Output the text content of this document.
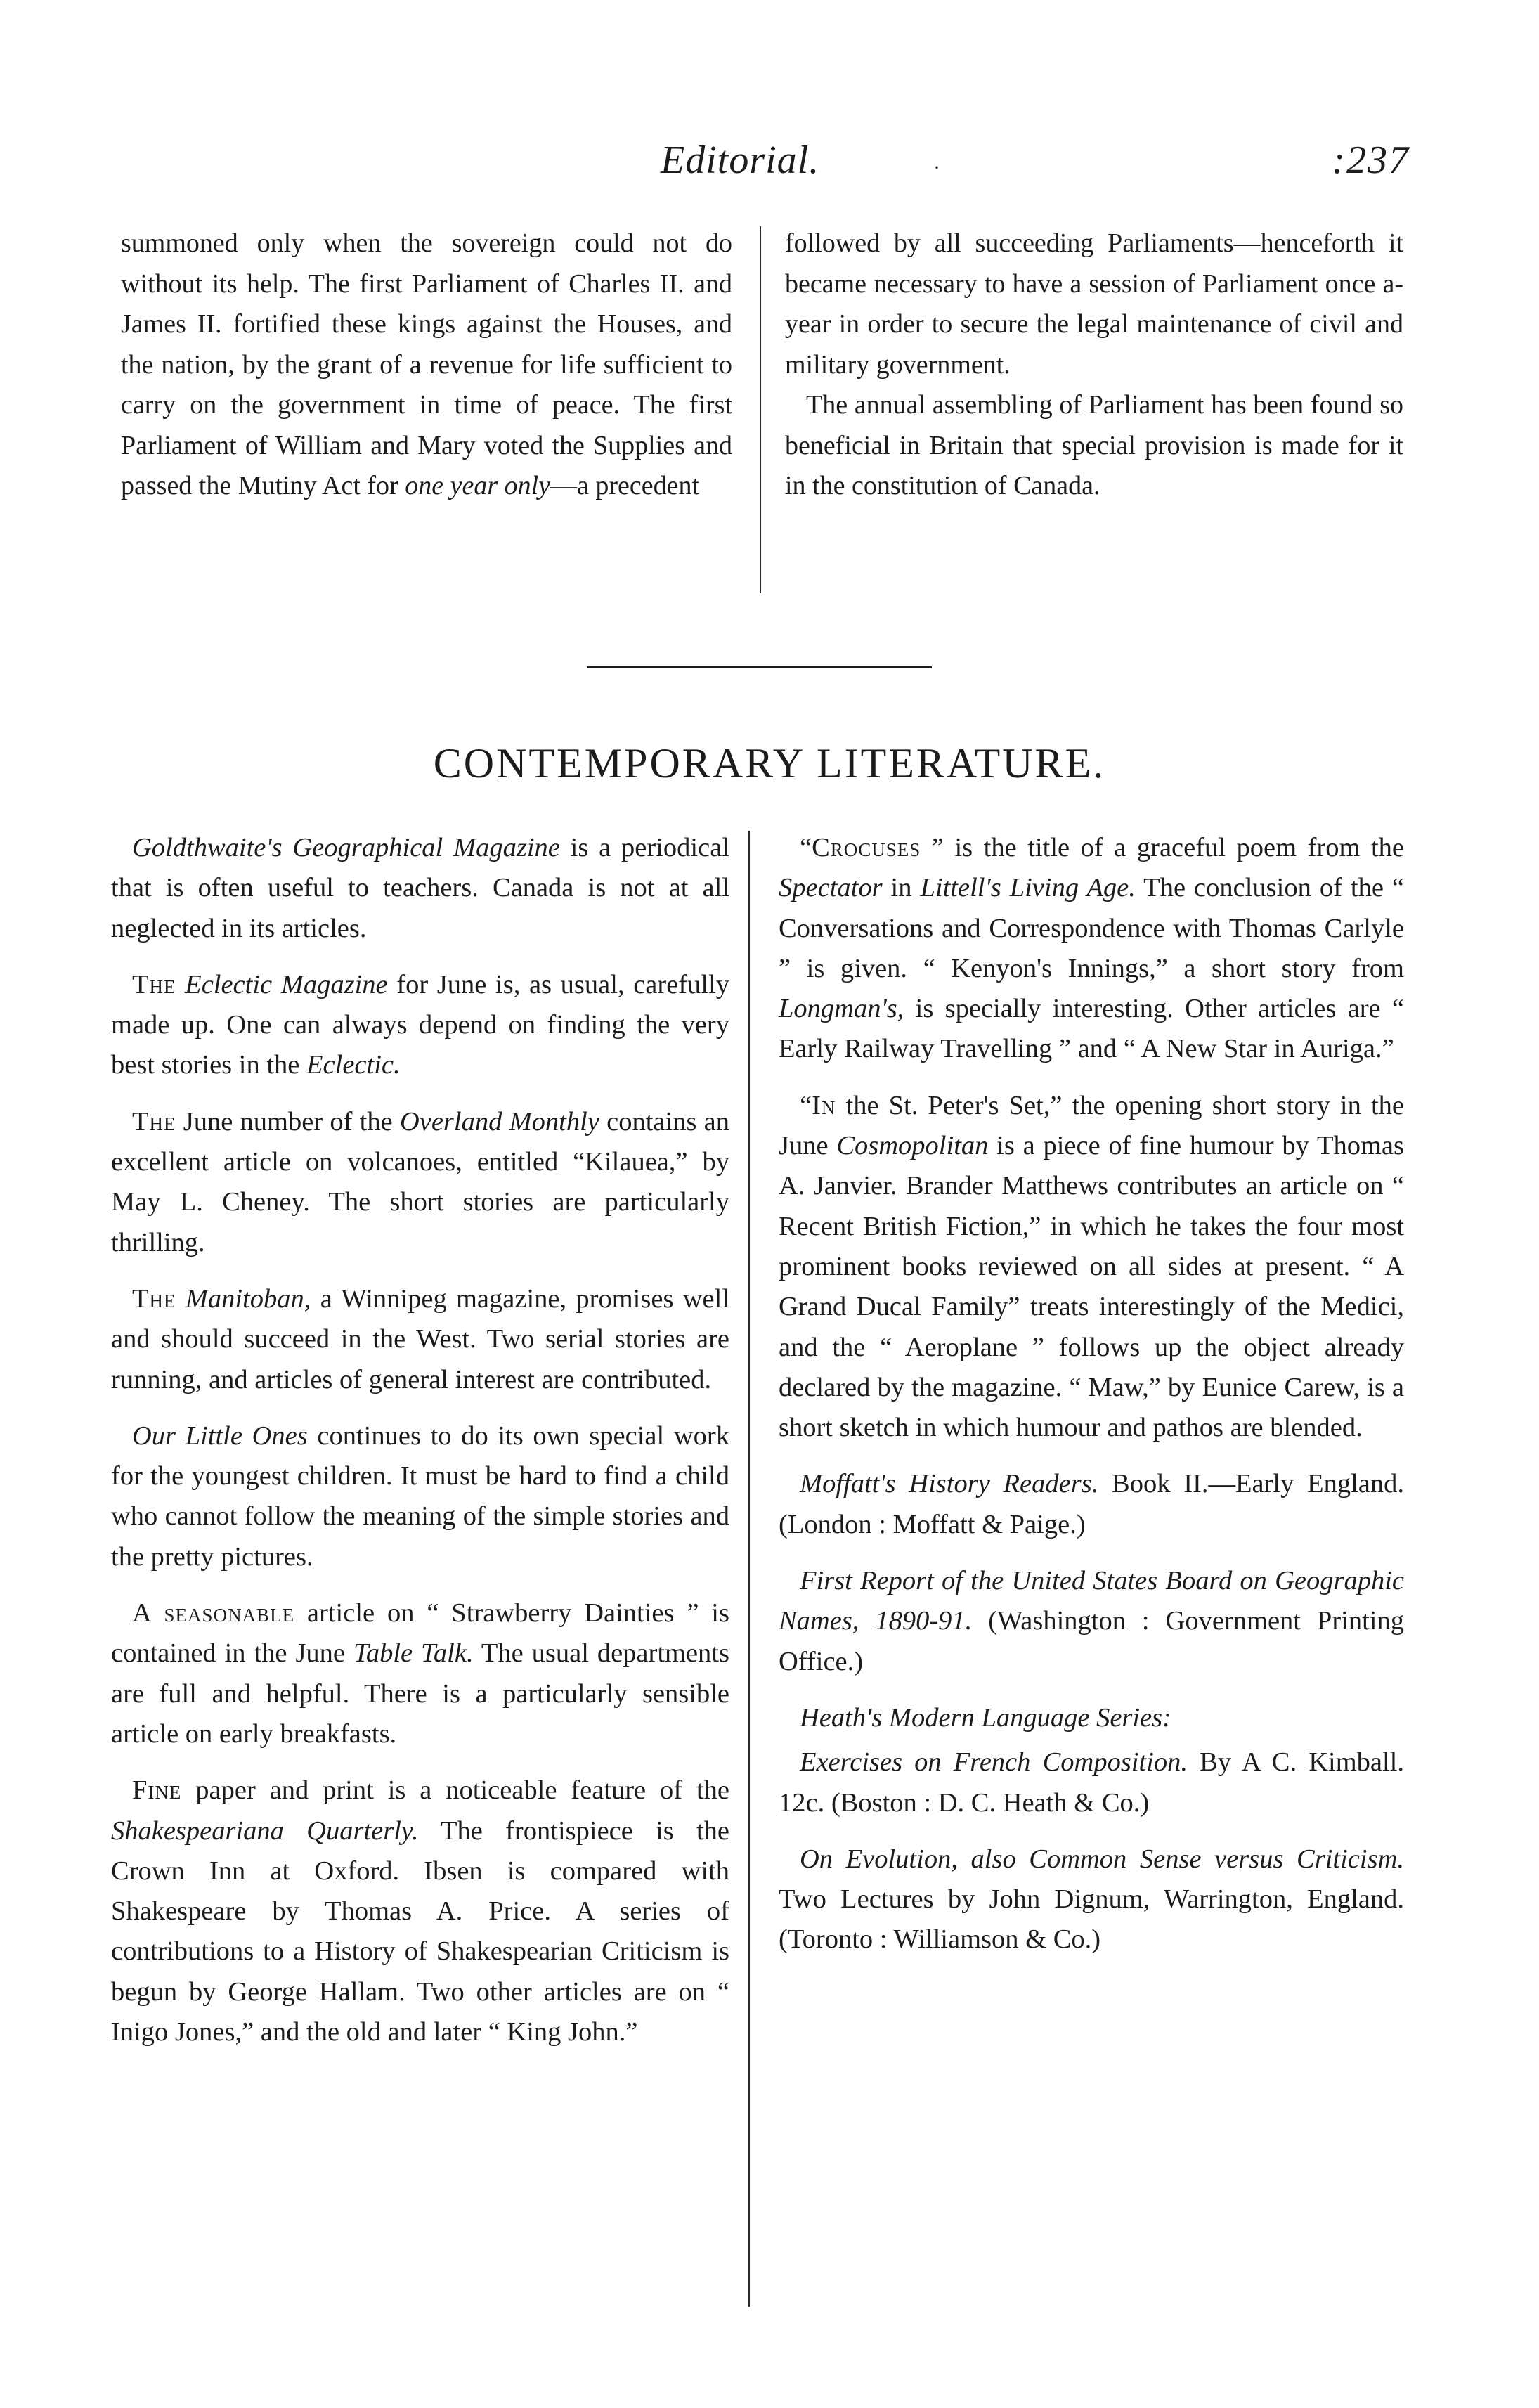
Editorial.	·	:237

summoned only when the sovereign could not do without its help. The first Parliament of Charles II. and James II. fortified these kings against the Houses, and the nation, by the grant of a revenue for life sufficient to carry on the government in time of peace. The first Parliament of William and Mary voted the Supplies and passed the Mutiny Act for one year only—a precedent

followed by all succeeding Parliaments—henceforth it became necessary to have a session of Parliament once a-year in order to secure the legal maintenance of civil and military government.

The annual assembling of Parliament has been found so beneficial in Britain that special provision is made for it in the constitution of Canada.

CONTEMPORARY LITERATURE.

Goldthwaite's Geographical Magazine is a periodical that is often useful to teachers. Canada is not at all neglected in its articles.

The Eclectic Magazine for June is, as usual, carefully made up. One can always depend on finding the very best stories in the Eclectic.

The June number of the Overland Monthly contains an excellent article on volcanoes, entitled “Kilauea,” by May L. Cheney. The short stories are particularly thrilling.

The Manitoban, a Winnipeg magazine, promises well and should succeed in the West. Two serial stories are running, and articles of general interest are contributed.

Our Little Ones continues to do its own special work for the youngest children. It must be hard to find a child who cannot follow the meaning of the simple stories and the pretty pictures.

A seasonable article on “ Strawberry Dainties ” is contained in the June Table Talk. The usual departments are full and helpful. There is a particularly sensible article on early breakfasts.

Fine paper and print is a noticeable feature of the Shakespeariana Quarterly. The frontispiece is the Crown Inn at Oxford. Ibsen is compared with Shakespeare by Thomas A. Price. A series of contributions to a History of Shakespearian Criticism is begun by George Hallam. Two other articles are on “ Inigo Jones,” and the old and later “ King John.”

“Crocuses ” is the title of a graceful poem from the Spectator in Littell's Living Age. The conclusion of the “ Conversations and Correspondence with Thomas Carlyle ” is given. “ Kenyon's Innings,” a short story from Longman's, is specially interesting. Other articles are “ Early Railway Travelling ” and “ A New Star in Auriga.”

“In the St. Peter's Set,” the opening short story in the June Cosmopolitan is a piece of fine humour by Thomas A. Janvier. Brander Matthews contributes an article on “ Recent British Fiction,” in which he takes the four most prominent books reviewed on all sides at present. “ A Grand Ducal Family” treats interestingly of the Medici, and the “ Aeroplane ” follows up the object already declared by the magazine. “ Maw,” by Eunice Carew, is a short sketch in which humour and pathos are blended.

Moffatt's History Readers. Book II.—Early England. (London : Moffatt & Paige.)

First Report of the United States Board on Geographic Names, 1890-91. (Washington : Government Printing Office.)

Heath's Modern Language Series:

Exercises on French Composition. By A C. Kimball. 12c. (Boston : D. C. Heath & Co.)

On Evolution, also Common Sense versus Criticism. Two Lectures by John Dignum, Warrington, England. (Toronto : Williamson & Co.)
